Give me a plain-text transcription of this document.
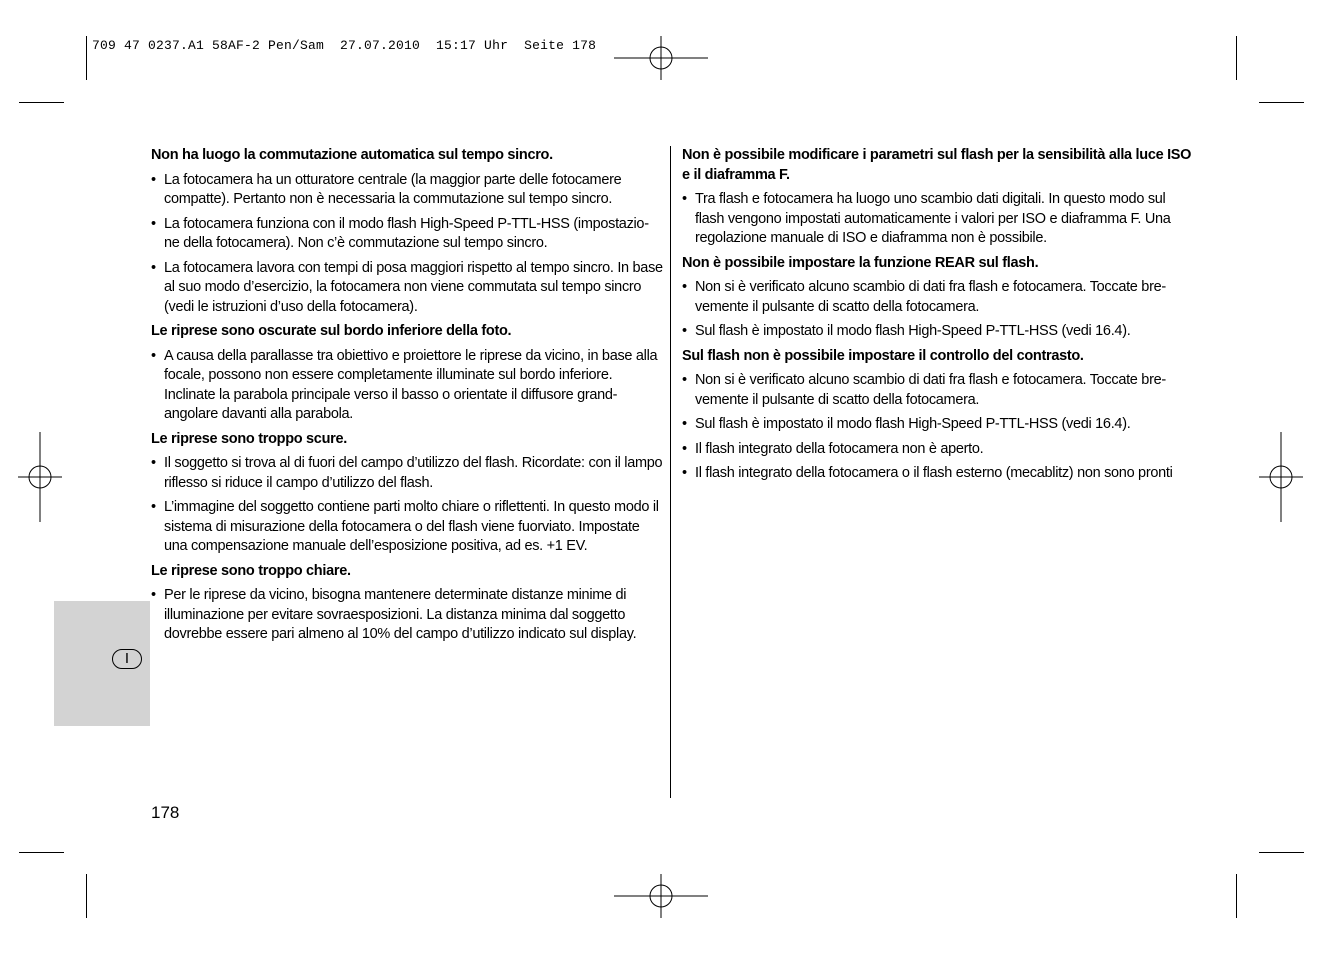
709 47 0237.A1 58AF-2 Pen/Sam  27.07.2010  15:17 Uhr  Seite 178
I
Non ha luogo la commutazione automatica sul tempo sincro.
• La fotocamera ha un otturatore centrale (la maggior parte delle fotocamere compatte). Pertanto non è necessaria la commutazione sul tempo sincro.
• La fotocamera funziona con il modo flash High-Speed P-TTL-HSS (impostazio-ne della fotocamera). Non c’è commutazione sul tempo sincro.
• La fotocamera lavora con tempi di posa maggiori rispetto al tempo sincro. In base al suo modo d’esercizio, la fotocamera non viene commutata sul tempo sincro (vedi le istruzioni d’uso della fotocamera).
Le riprese sono oscurate sul bordo inferiore della foto.
• A causa della parallasse tra obiettivo e proiettore le riprese da vicino, in base alla focale, possono non essere completamente illuminate sul bordo inferiore. Inclinate la parabola principale verso il basso o orientate il diffusore grand-angolare davanti alla parabola.
Le riprese sono troppo scure.
• Il soggetto si trova al di fuori del campo d’utilizzo del flash. Ricordate: con il lampo riflesso si riduce il campo d’utilizzo del flash.
• L’immagine del soggetto contiene parti molto chiare o riflettenti. In questo modo il sistema di misurazione della fotocamera o del flash viene fuorviato. Impostate una compensazione manuale dell’esposizione positiva, ad es. +1 EV.
Le riprese sono troppo chiare.
• Per le riprese da vicino, bisogna mantenere determinate distanze minime di illuminazione per evitare sovraesposizioni. La distanza minima dal soggetto dovrebbe essere pari almeno al 10% del campo d’utilizzo indicato sul display.
Non è possibile modificare i parametri sul flash per la sensibilità alla luce ISO e il diaframma F.
• Tra flash e fotocamera ha luogo uno scambio dati digitali. In questo modo sul flash vengono impostati automaticamente i valori per ISO e diaframma F. Una regolazione manuale di ISO e diaframma non è possibile.
Non è possibile impostare la funzione REAR sul flash.
• Non si è verificato alcuno scambio di dati fra flash e fotocamera. Toccate bre-vemente il pulsante di scatto della fotocamera.
• Sul flash è impostato il modo flash High-Speed P-TTL-HSS (vedi 16.4).
Sul flash non è possibile impostare il controllo del contrasto.
• Non si è verificato alcuno scambio di dati fra flash e fotocamera. Toccate bre-vemente il pulsante di scatto della fotocamera.
• Sul flash è impostato il modo flash High-Speed P-TTL-HSS (vedi 16.4).
• Il flash integrato della fotocamera non è aperto.
• Il flash integrato della fotocamera o il flash esterno (mecablitz) non sono pronti
178
